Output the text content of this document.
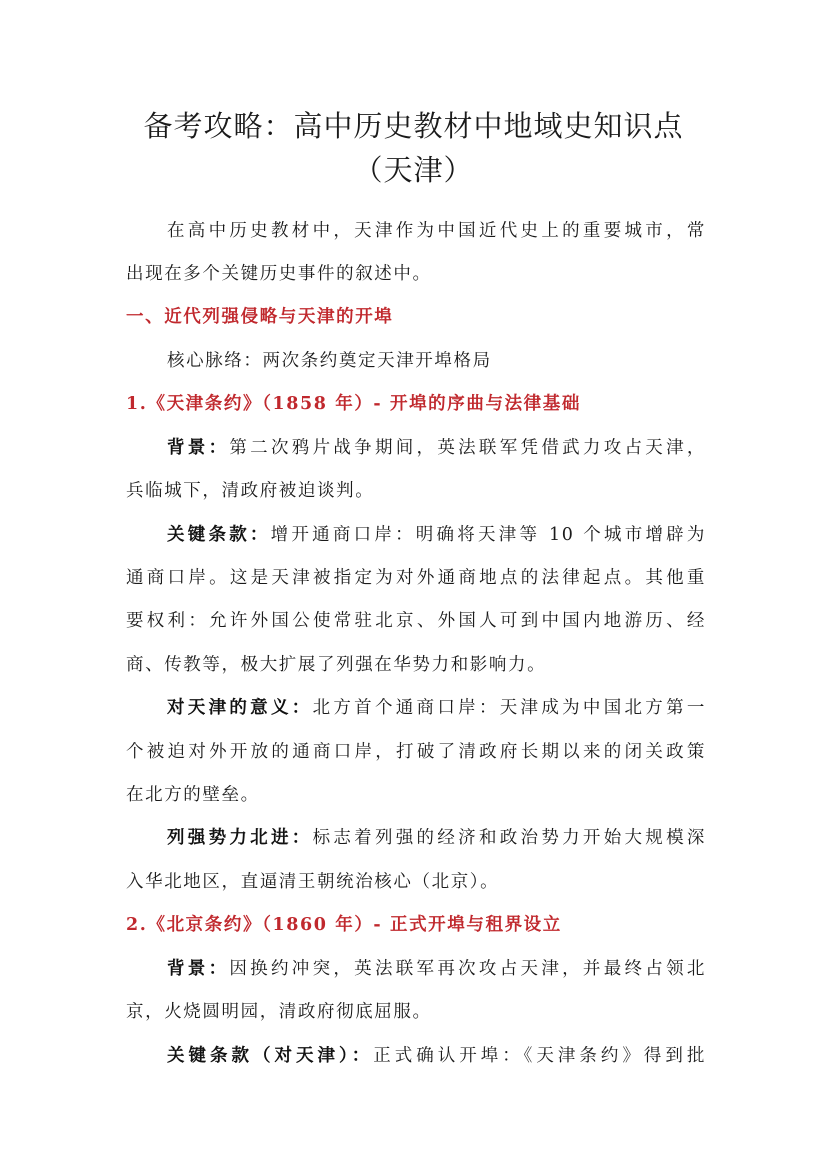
备考攻略：高中历史教材中地域史知识点
（天津）
在高中历史教材中，天津作为中国近代史上的重要城市，常
出现在多个关键历史事件的叙述中。
一、近代列强侵略与天津的开埠
核心脉络：两次条约奠定天津开埠格局
1.《天津条约》（1858 年）- 开埠的序曲与法律基础
背景：第二次鸦片战争期间，英法联军凭借武力攻占天津，
兵临城下，清政府被迫谈判。
关键条款：增开通商口岸：明确将天津等 10 个城市增辟为
通商口岸。这是天津被指定为对外通商地点的法律起点。其他重
要权利：允许外国公使常驻北京、外国人可到中国内地游历、经
商、传教等，极大扩展了列强在华势力和影响力。
对天津的意义：北方首个通商口岸：天津成为中国北方第一
个被迫对外开放的通商口岸，打破了清政府长期以来的闭关政策
在北方的壁垒。
列强势力北进：标志着列强的经济和政治势力开始大规模深
入华北地区，直逼清王朝统治核心（北京）。
2.《北京条约》（1860 年）- 正式开埠与租界设立
背景：因换约冲突，英法联军再次攻占天津，并最终占领北
京，火烧圆明园，清政府彻底屈服。
关键条款（对天津）：正式确认开埠：《天津条约》得到批
